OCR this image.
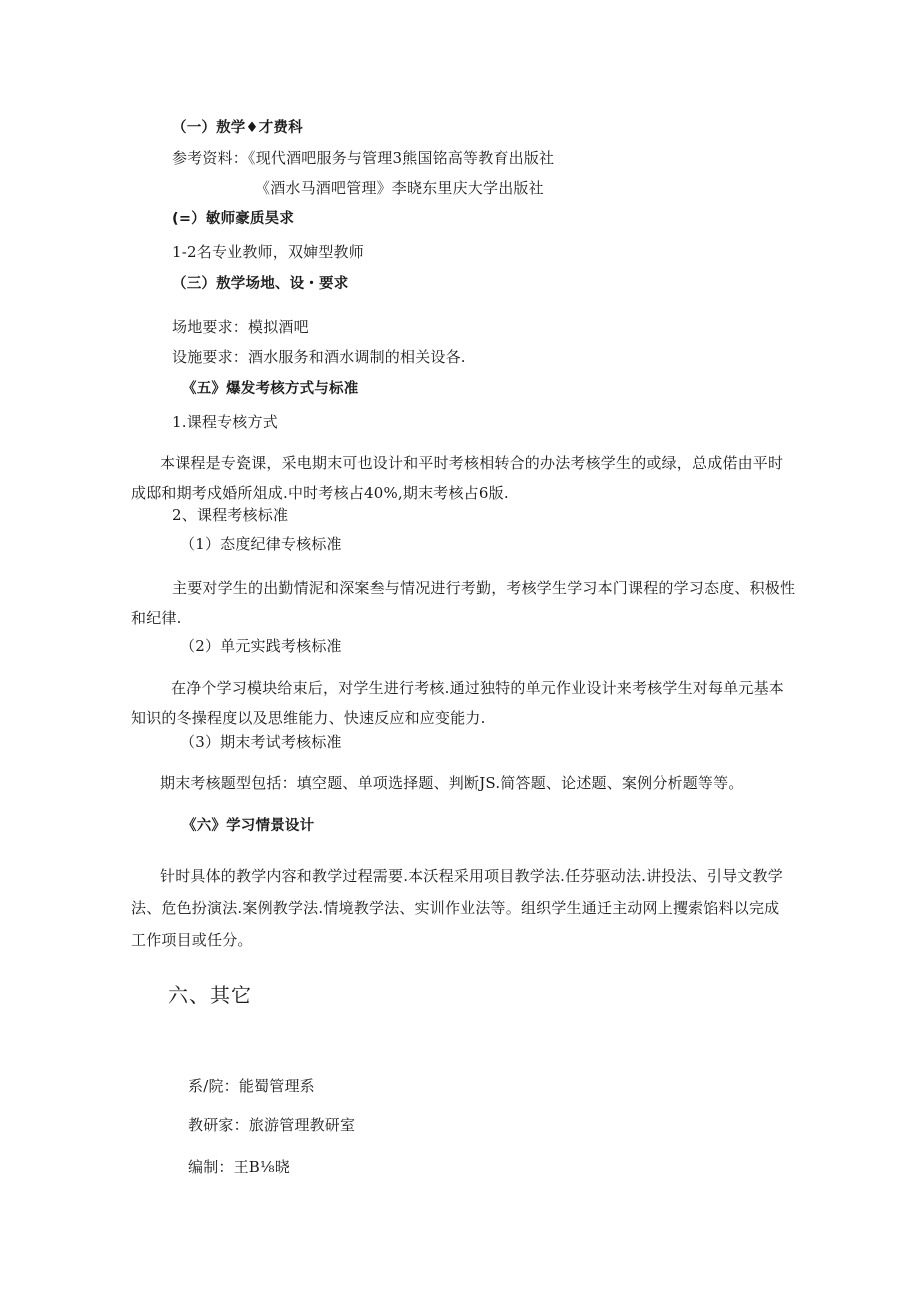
（一）敖学♦才费科
参考资料：《现代酒吧服务与管理3熊国铭高等教育出版社
《酒水马酒吧管理》李晓东里庆大学出版社
(=）敏师豪质昊求
1-2名专业教师，双婶型教师
（三）敖学场地、设・要求
场地要求：模拟酒吧
设施要求：酒水服务和酒水调制的相关设各.
《五》爆发考核方式与标准
1.课程专核方式
本课程是专瓷课，采电期末可也设计和平时考核相转合的办法考核学生的或绿，总成偌由平时
成邸和期考戍婚所俎成.中时考核占40%,期末考核占6版.
2、课程考核标准
（1）态度纪律专核标准
主要对学生的出勤情泥和深案叁与情况进行考勤，考核学生学习本门课程的学习态度、积极性
和纪律.
（2）单元实践考核标准
在净个学习模块给束后，对学生进行考核.通过独特的单元作业设计来考核学生对每单元基本
知识的冬操程度以及思维能力、快速反应和应变能力.
（3）期末考试考核标准
期末考核题型包括：填空题、单项选择题、判断JS.简答题、论述题、案例分析题等等。
《六》学习情景设计
针时具体的教学内容和教学过程需要.本沃程采用项目教学法.任芬驱动法.讲投法、引导文教学
法、危色扮演法.案例教学法.情境教学法、实训作业法等。组织学生通迁主动网上攫索馅料以完成
工作项目或任分。
六、其它
系/院：能蜀管理系
教研家：旅游管理教研室
编制：王B⅛晓
